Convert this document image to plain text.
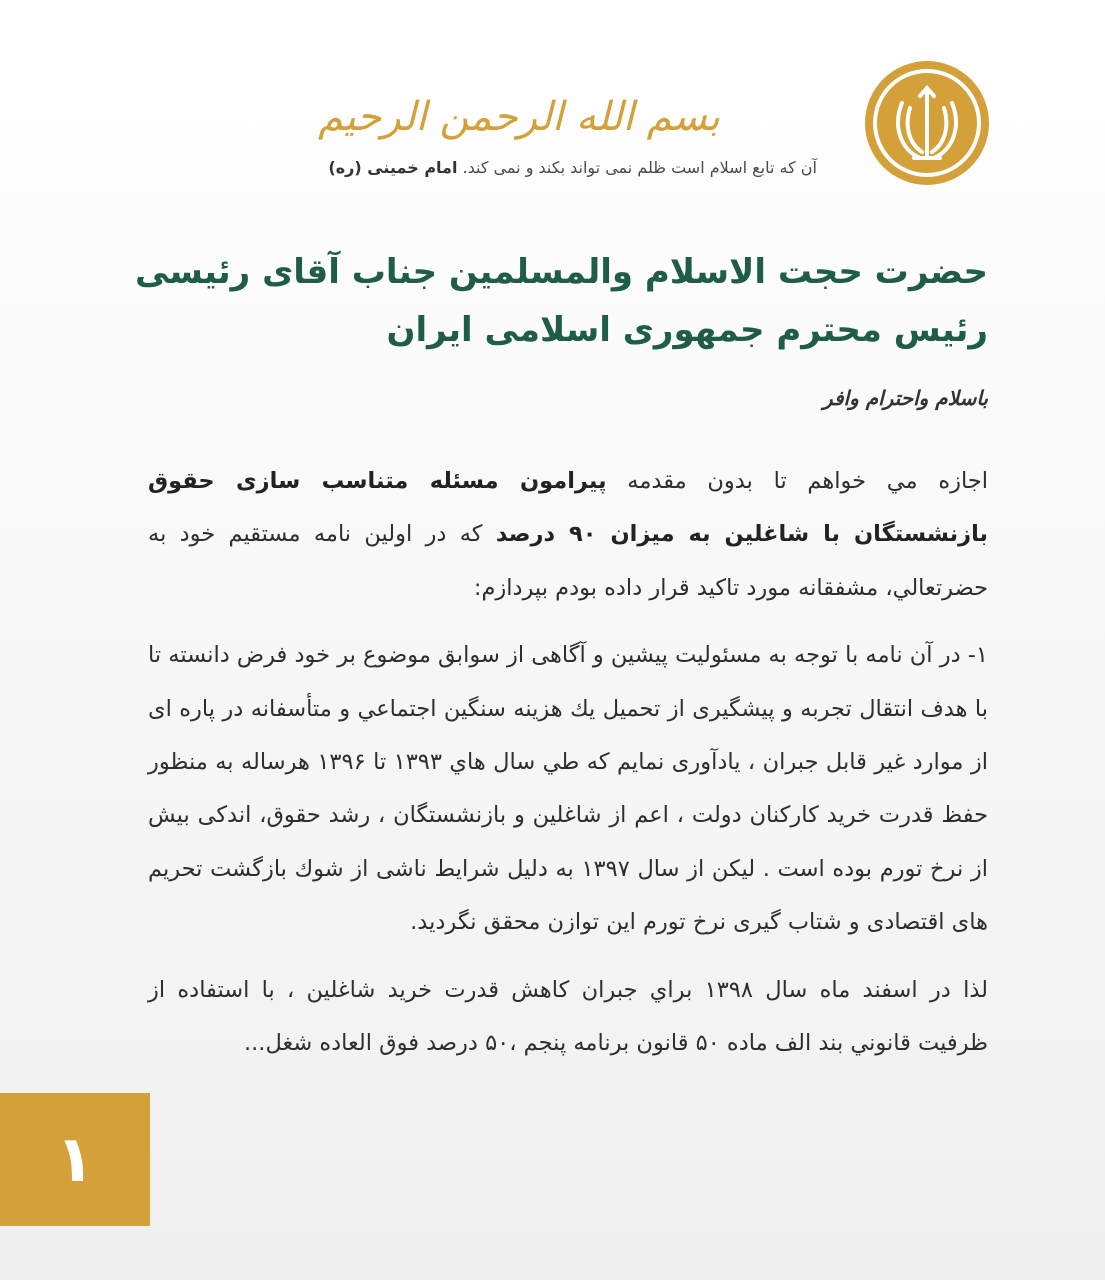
بسم الله الرحمن الرحیم
آن که تابع اسلام است ظلم نمی تواند بکند و نمی کند. امام خمینی (ره)
حضرت حجت الاسلام والمسلمین جناب آقای رئیسی
رئیس محترم جمهوری اسلامی ایران
باسلام واحترام وافر

اجازه مي خواهم تا بدون مقدمه پیرامون مسئله متناسب سازی حقوق بازنشستگان با شاغلین به میزان ۹۰ درصد که در اولین نامه مستقیم خود به حضرتعالي، مشفقانه مورد تاکید قرار داده بودم بپردازم:

۱- در آن نامه با توجه به مسئولیت پیشین و آگاهی از سوابق موضوع بر خود فرض دانسته تا با هدف انتقال تجربه و پیشگیری از تحمیل يك هزينه سنگين اجتماعي و متأسفانه در پاره ای از موارد غير قابل جبران ، يادآوری نمایم که طي سال هاي ۱۳۹۳ تا ۱۳۹۶ هرساله به منظور حفظ قدرت خريد کارکنان دولت ، اعم از شاغلين و بازنشستگان ، رشد حقوق، اندکی بیش از نرخ تورم بوده است . ليكن از سال ۱۳۹۷ به دليل شرايط ناشی از شوك بازگشت تحريم های اقتصادی و شتاب گيری نرخ تورم اين توازن محقق نگرديد.

لذا در اسفند ماه سال ۱۳۹۸ براي جبران كاهش قدرت خريد شاغلين ، با استفاده از ظرفيت قانوني بند الف ماده ۵۰ قانون برنامه پنجم ،۵۰ درصد فوق العاده شغل...

۱
